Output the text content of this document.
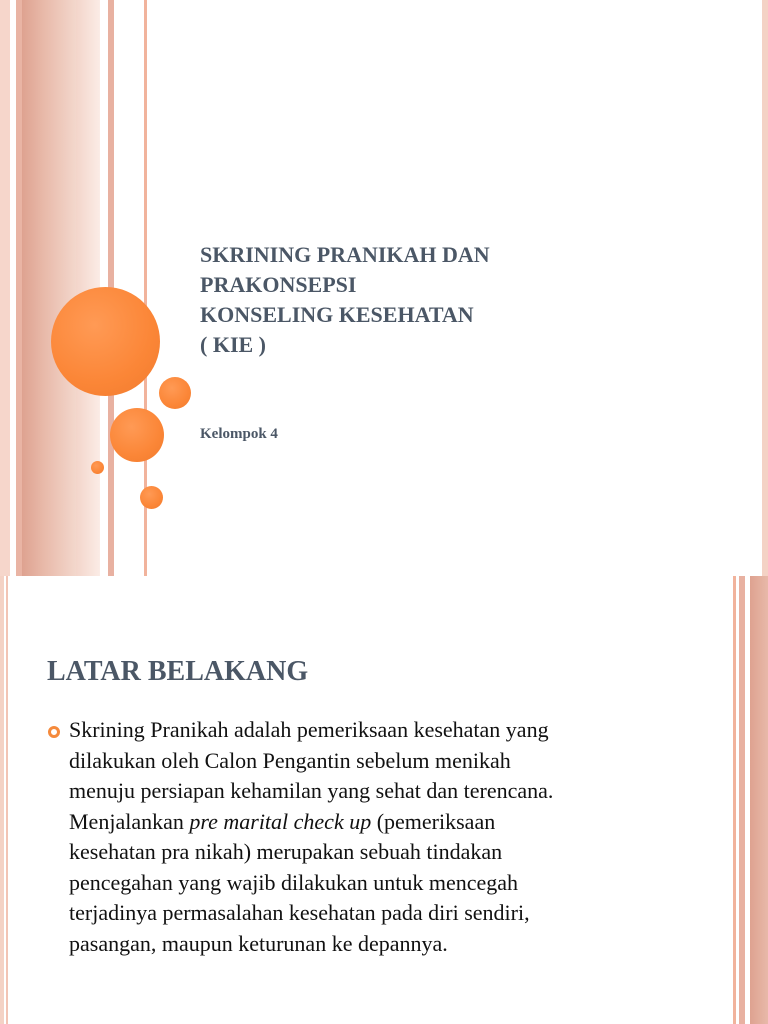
SKRINING PRANIKAH DAN
PRAKONSEPSI
KONSELING KESEHATAN
( KIE )
Kelompok 4
LATAR BELAKANG
Skrining Pranikah adalah pemeriksaan kesehatan yang
dilakukan oleh Calon Pengantin sebelum menikah
menuju persiapan kehamilan yang sehat dan terencana.
Menjalankan pre marital check up (pemeriksaan
kesehatan pra nikah) merupakan sebuah tindakan
pencegahan yang wajib dilakukan untuk mencegah
terjadinya permasalahan kesehatan pada diri sendiri,
pasangan, maupun keturunan ke depannya.
